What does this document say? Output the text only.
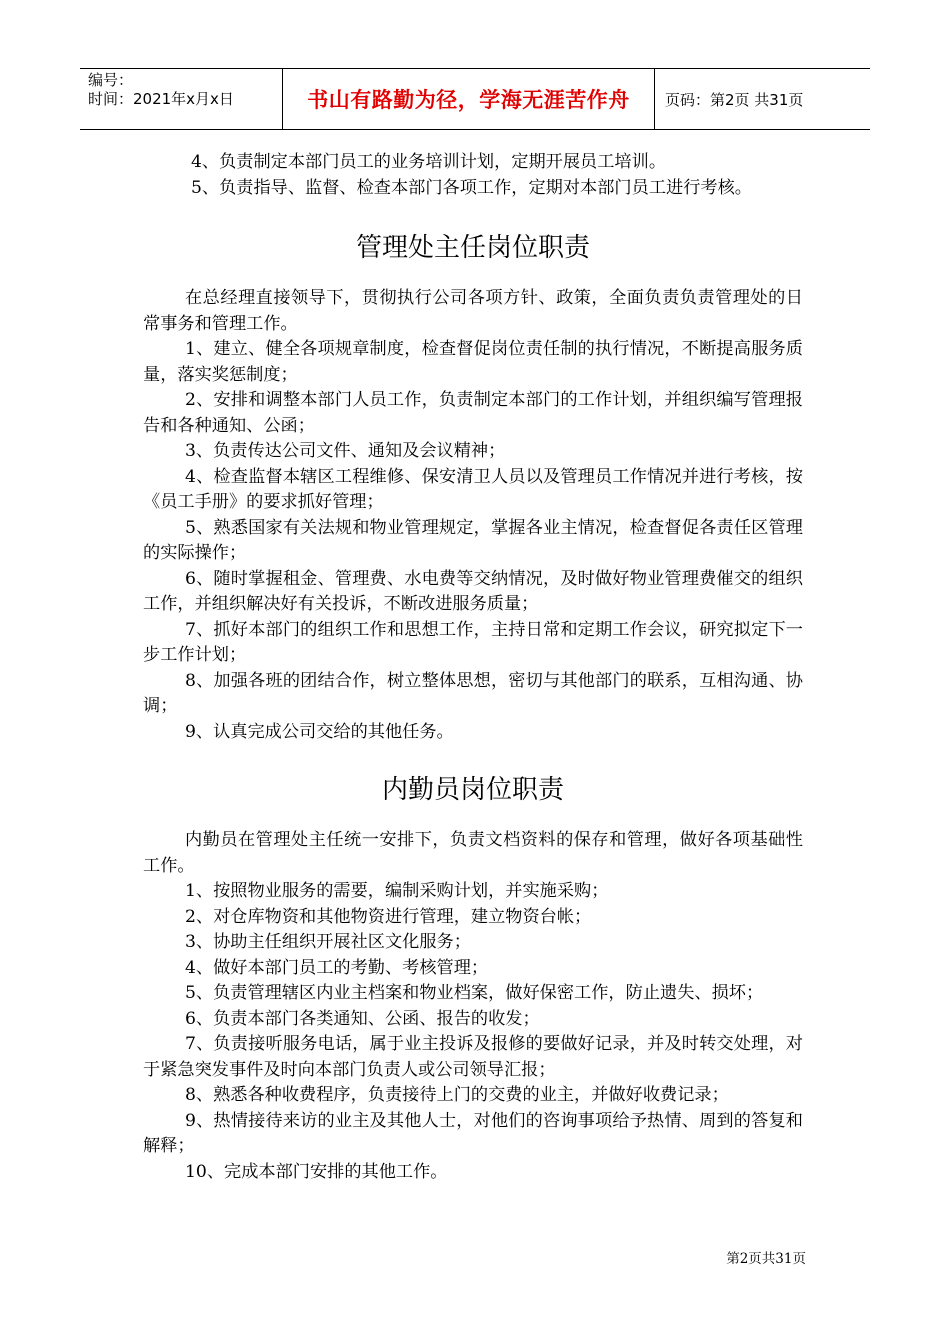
编号：
时间：2021年x月x日	书山有路勤为径，学海无涯苦作舟	页码：第2页 共31页

4、负责制定本部门员工的业务培训计划，定期开展员工培训。

5、负责指导、监督、检查本部门各项工作，定期对本部门员工进行考核。

管理处主任岗位职责

在总经理直接领导下，贯彻执行公司各项方针、政策，全面负责负责管理处的日常事务和管理工作。

1、建立、健全各项规章制度，检查督促岗位责任制的执行情况，不断提高服务质量，落实奖惩制度；

2、安排和调整本部门人员工作，负责制定本部门的工作计划，并组织编写管理报告和各种通知、公函；

3、负责传达公司文件、通知及会议精神；

4、检查监督本辖区工程维修、保安清卫人员以及管理员工作情况并进行考核，按《员工手册》的要求抓好管理；

5、熟悉国家有关法规和物业管理规定，掌握各业主情况，检查督促各责任区管理的实际操作；

6、随时掌握租金、管理费、水电费等交纳情况，及时做好物业管理费催交的组织工作，并组织解决好有关投诉，不断改进服务质量；

7、抓好本部门的组织工作和思想工作，主持日常和定期工作会议，研究拟定下一步工作计划；

8、加强各班的团结合作，树立整体思想，密切与其他部门的联系，互相沟通、协调；

9、认真完成公司交给的其他任务。

内勤员岗位职责

内勤员在管理处主任统一安排下，负责文档资料的保存和管理，做好各项基础性工作。

1、按照物业服务的需要，编制采购计划，并实施采购；

2、对仓库物资和其他物资进行管理，建立物资台帐；

3、协助主任组织开展社区文化服务；

4、做好本部门员工的考勤、考核管理；

5、负责管理辖区内业主档案和物业档案，做好保密工作，防止遗失、损坏；

6、负责本部门各类通知、公函、报告的收发；

7、负责接听服务电话，属于业主投诉及报修的要做好记录，并及时转交处理，对于紧急突发事件及时向本部门负责人或公司领导汇报；

8、熟悉各种收费程序，负责接待上门的交费的业主，并做好收费记录；

9、热情接待来访的业主及其他人士，对他们的咨询事项给予热情、周到的答复和解释；

10、完成本部门安排的其他工作。

第2页共31页
